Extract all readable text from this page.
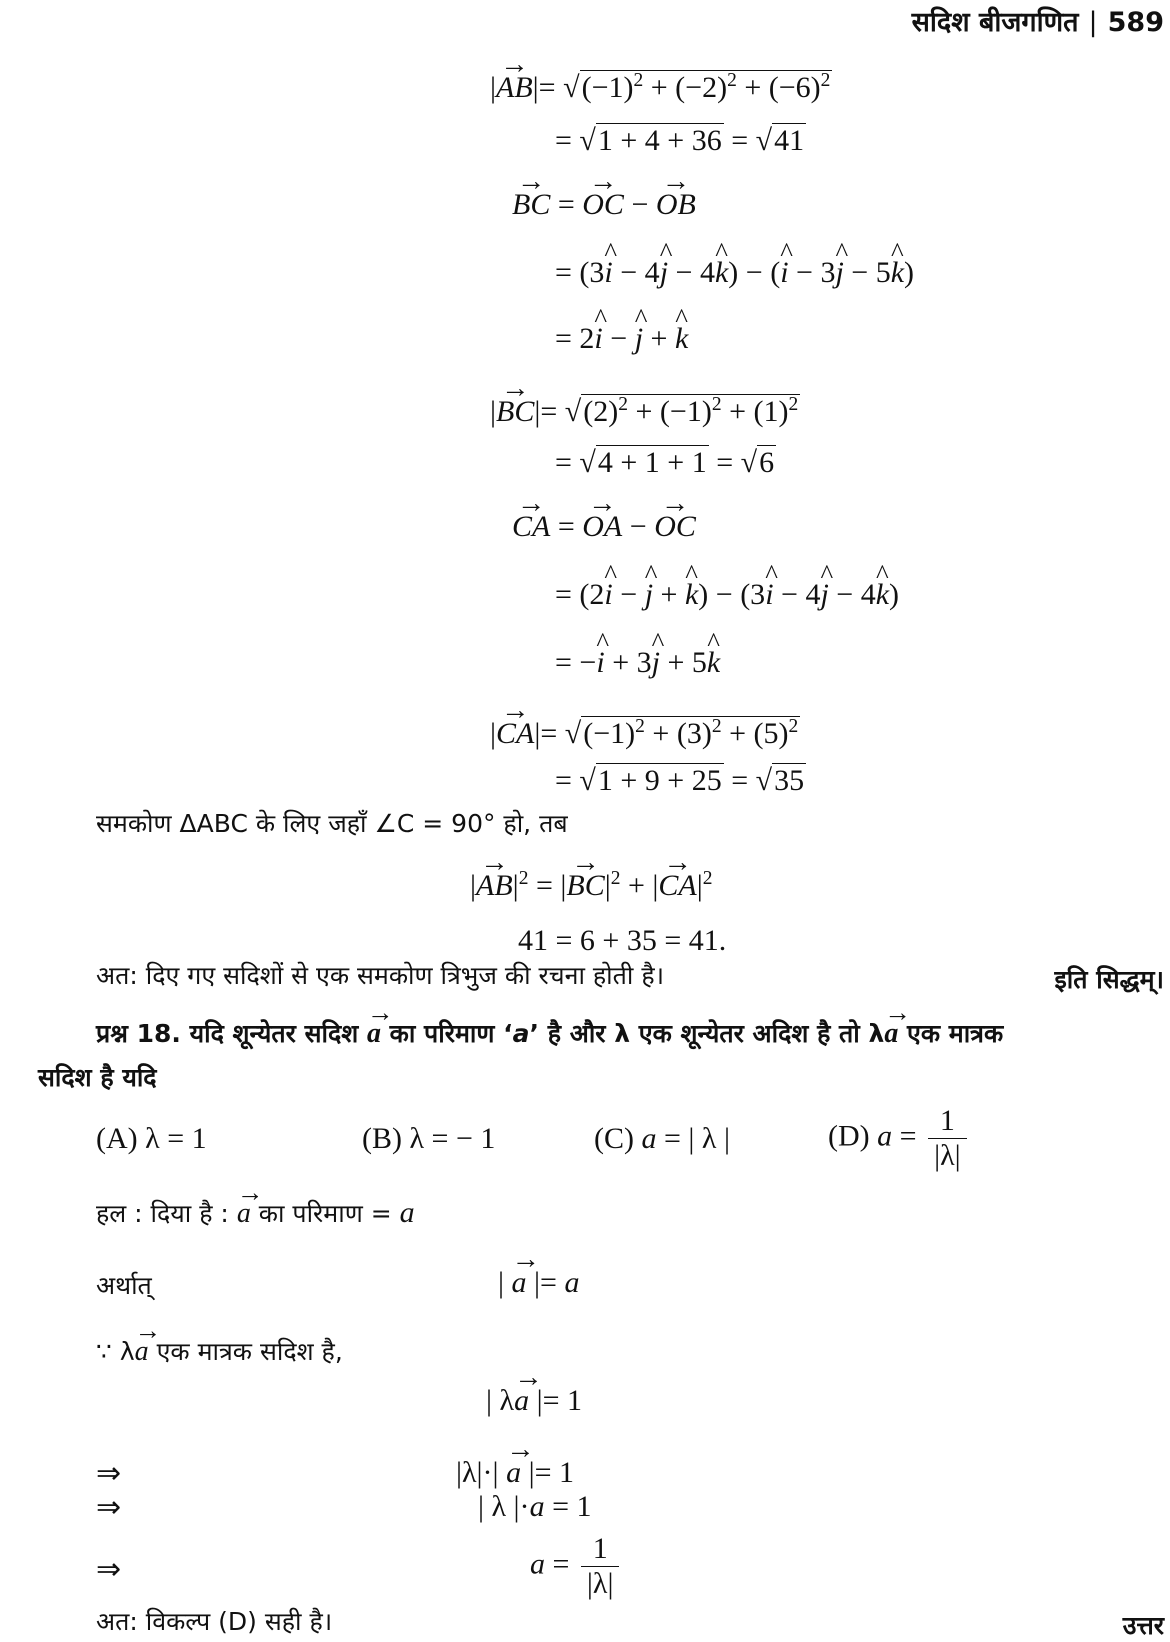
सदिश बीजगणित | 589
|→ $AB|= √(-1)^2 + (-2)^2 + (-6)^2$
= √1 + 4 + 36 = √41
→ BC = → OC − → OB
= (3^ i − 4^ j − 4^ k) − (^ i − 3^ j − 5^ k)
= 2^ i − ^ j + ^ k
|→ $BC|= √(2)^2 + (-1)^2 + (1)^2$
= √4 + 1 + 1 = √6
→ CA = → OA − → OC
= (2^ i − ^ j + ^ k) − (3^ i − 4^ j − 4^ k)
= −^ i + 3^ j + 5^ k
|→ $CA|= √(-1)^2 + (3)^2 + (5)^2$
= √1 + 9 + 25 = √35
समकोण ΔABC के लिए जहाँ ∠C = 90° हो, तब
|→ $AB|^2$ = |→ $BC|^2$ + |→ $CA|^2$
41 = 6 + 35 = 41.
अत: दिए गए सदिशों से एक समकोण त्रिभुज की रचना होती है।	इति सिद्धम्।
प्रश्न 18. यदि शून्येतर सदिश → a का परिमाण ‘a’ है और λ एक शून्येतर अदिश है तो λ→ a एक मात्रक
सदिश है यदि
(A) λ = 1	(B) λ = − 1	(C) a = | λ |	(D) $a = \frac{1}{|\lambda|}$
हल : दिया है : → a का परिमाण = a
अर्थात्	| → a |= a
∵ λ→ a एक मात्रक सदिश है,
| λ→ a |= 1
⇒	|λ|·| → a |= 1
⇒	| λ |·a = 1
⇒	$a = \frac{1}{|\lambda|}$
अत: विकल्प (D) सही है।	उत्तर
